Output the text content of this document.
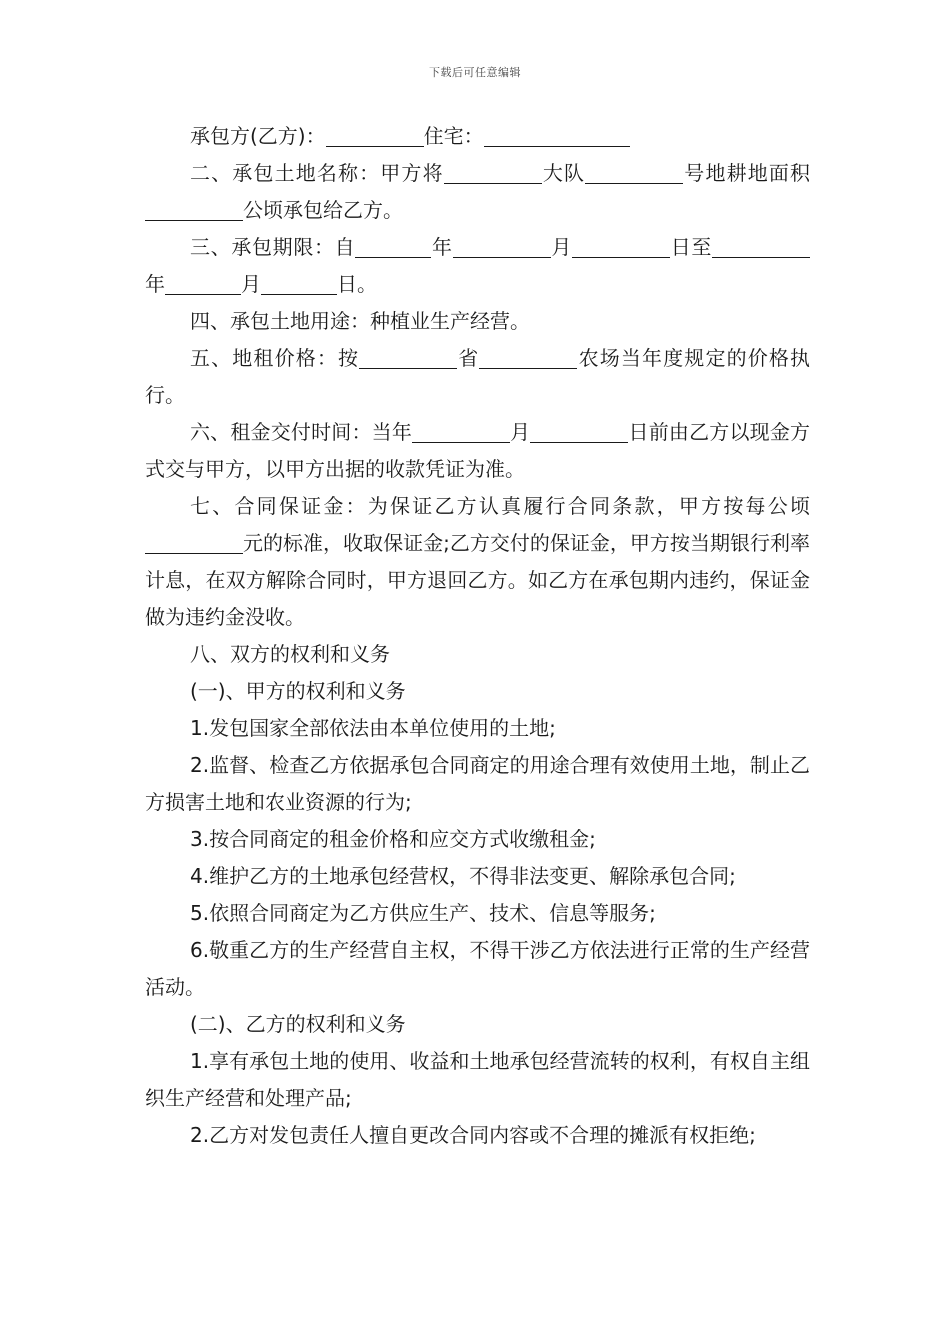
下载后可任意编辑

承包方(乙方)：	住宅：

二、承包土地名称：甲方将	大队	号地耕地面积公顷承包给乙方。

三、承包期限：自	年	月	日至年	月	日。

四、承包土地用途：种植业生产经营。

五、地租价格：按	省	农场当年度规定的价格执行。

六、租金交付时间：当年	月	日前由乙方以现金方式交与甲方，以甲方出据的收款凭证为准。

七、合同保证金：为保证乙方认真履行合同条款，甲方按每公顷元的标准，收取保证金;乙方交付的保证金，甲方按当期银行利率计息，在双方解除合同时，甲方退回乙方。如乙方在承包期内违约，保证金做为违约金没收。

八、双方的权利和义务

(一)、甲方的权利和义务

1.发包国家全部依法由本单位使用的土地;

2.监督、检查乙方依据承包合同商定的用途合理有效使用土地，制止乙方损害土地和农业资源的行为;

3.按合同商定的租金价格和应交方式收缴租金;

4.维护乙方的土地承包经营权，不得非法变更、解除承包合同;

5.依照合同商定为乙方供应生产、技术、信息等服务;

6.敬重乙方的生产经营自主权，不得干涉乙方依法进行正常的生产经营活动。

(二)、乙方的权利和义务

1.享有承包土地的使用、收益和土地承包经营流转的权利，有权自主组织生产经营和处理产品;

2.乙方对发包责任人擅自更改合同内容或不合理的摊派有权拒绝;
